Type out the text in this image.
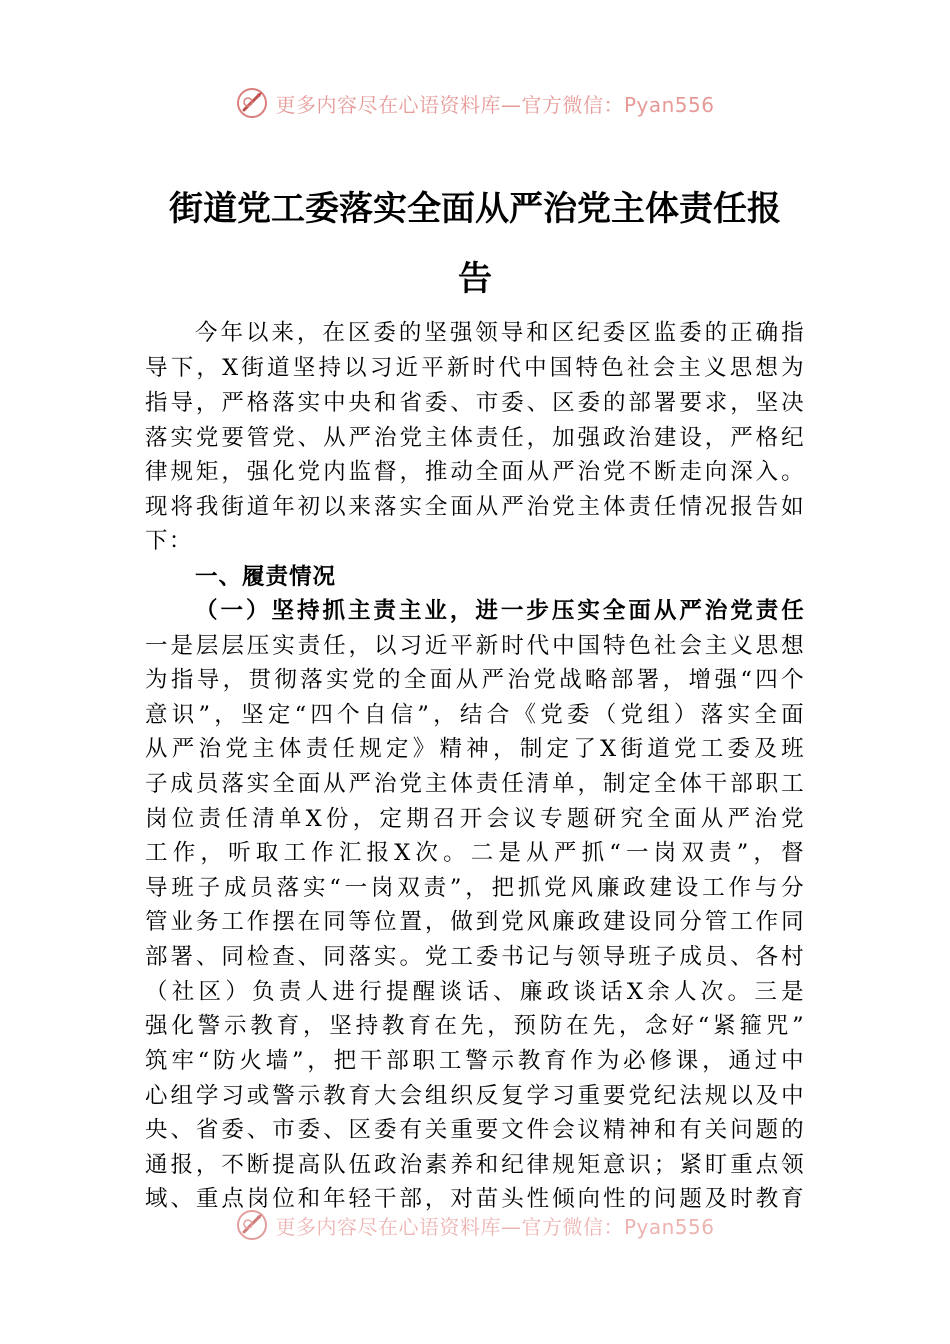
更多内容尽在心语资料库—官方微信：Pyan556
街道党工委落实全面从严治党主体责任报
告
今年以来，在区委的坚强领导和区纪委区监委的正确指
导下，X街道坚持以习近平新时代中国特色社会主义思想为
指导，严格落实中央和省委、市委、区委的部署要求，坚决
落实党要管党、从严治党主体责任，加强政治建设，严格纪
律规矩，强化党内监督，推动全面从严治党不断走向深入。
现将我街道年初以来落实全面从严治党主体责任情况报告如
下：
一、履责情况
（一）坚持抓主责主业，进一步压实全面从严治党责任
一是层层压实责任，以习近平新时代中国特色社会主义思想
为指导，贯彻落实党的全面从严治党战略部署，增强“四个
意识”，坚定“四个自信”，结合《党委（党组）落实全面
从严治党主体责任规定》精神，制定了X街道党工委及班
子成员落实全面从严治党主体责任清单，制定全体干部职工
岗位责任清单X份，定期召开会议专题研究全面从严治党
工作，听取工作汇报X次。二是从严抓“一岗双责”，督
导班子成员落实“一岗双责”，把抓党风廉政建设工作与分
管业务工作摆在同等位置，做到党风廉政建设同分管工作同
部署、同检查、同落实。党工委书记与领导班子成员、各村
（社区）负责人进行提醒谈话、廉政谈话X余人次。三是
强化警示教育，坚持教育在先，预防在先，念好“紧箍咒”
筑牢“防火墙”，把干部职工警示教育作为必修课，通过中
心组学习或警示教育大会组织反复学习重要党纪法规以及中
央、省委、市委、区委有关重要文件会议精神和有关问题的
通报，不断提高队伍政治素养和纪律规矩意识；紧盯重点领
域、重点岗位和年轻干部，对苗头性倾向性的问题及时教育
更多内容尽在心语资料库—官方微信：Pyan556
